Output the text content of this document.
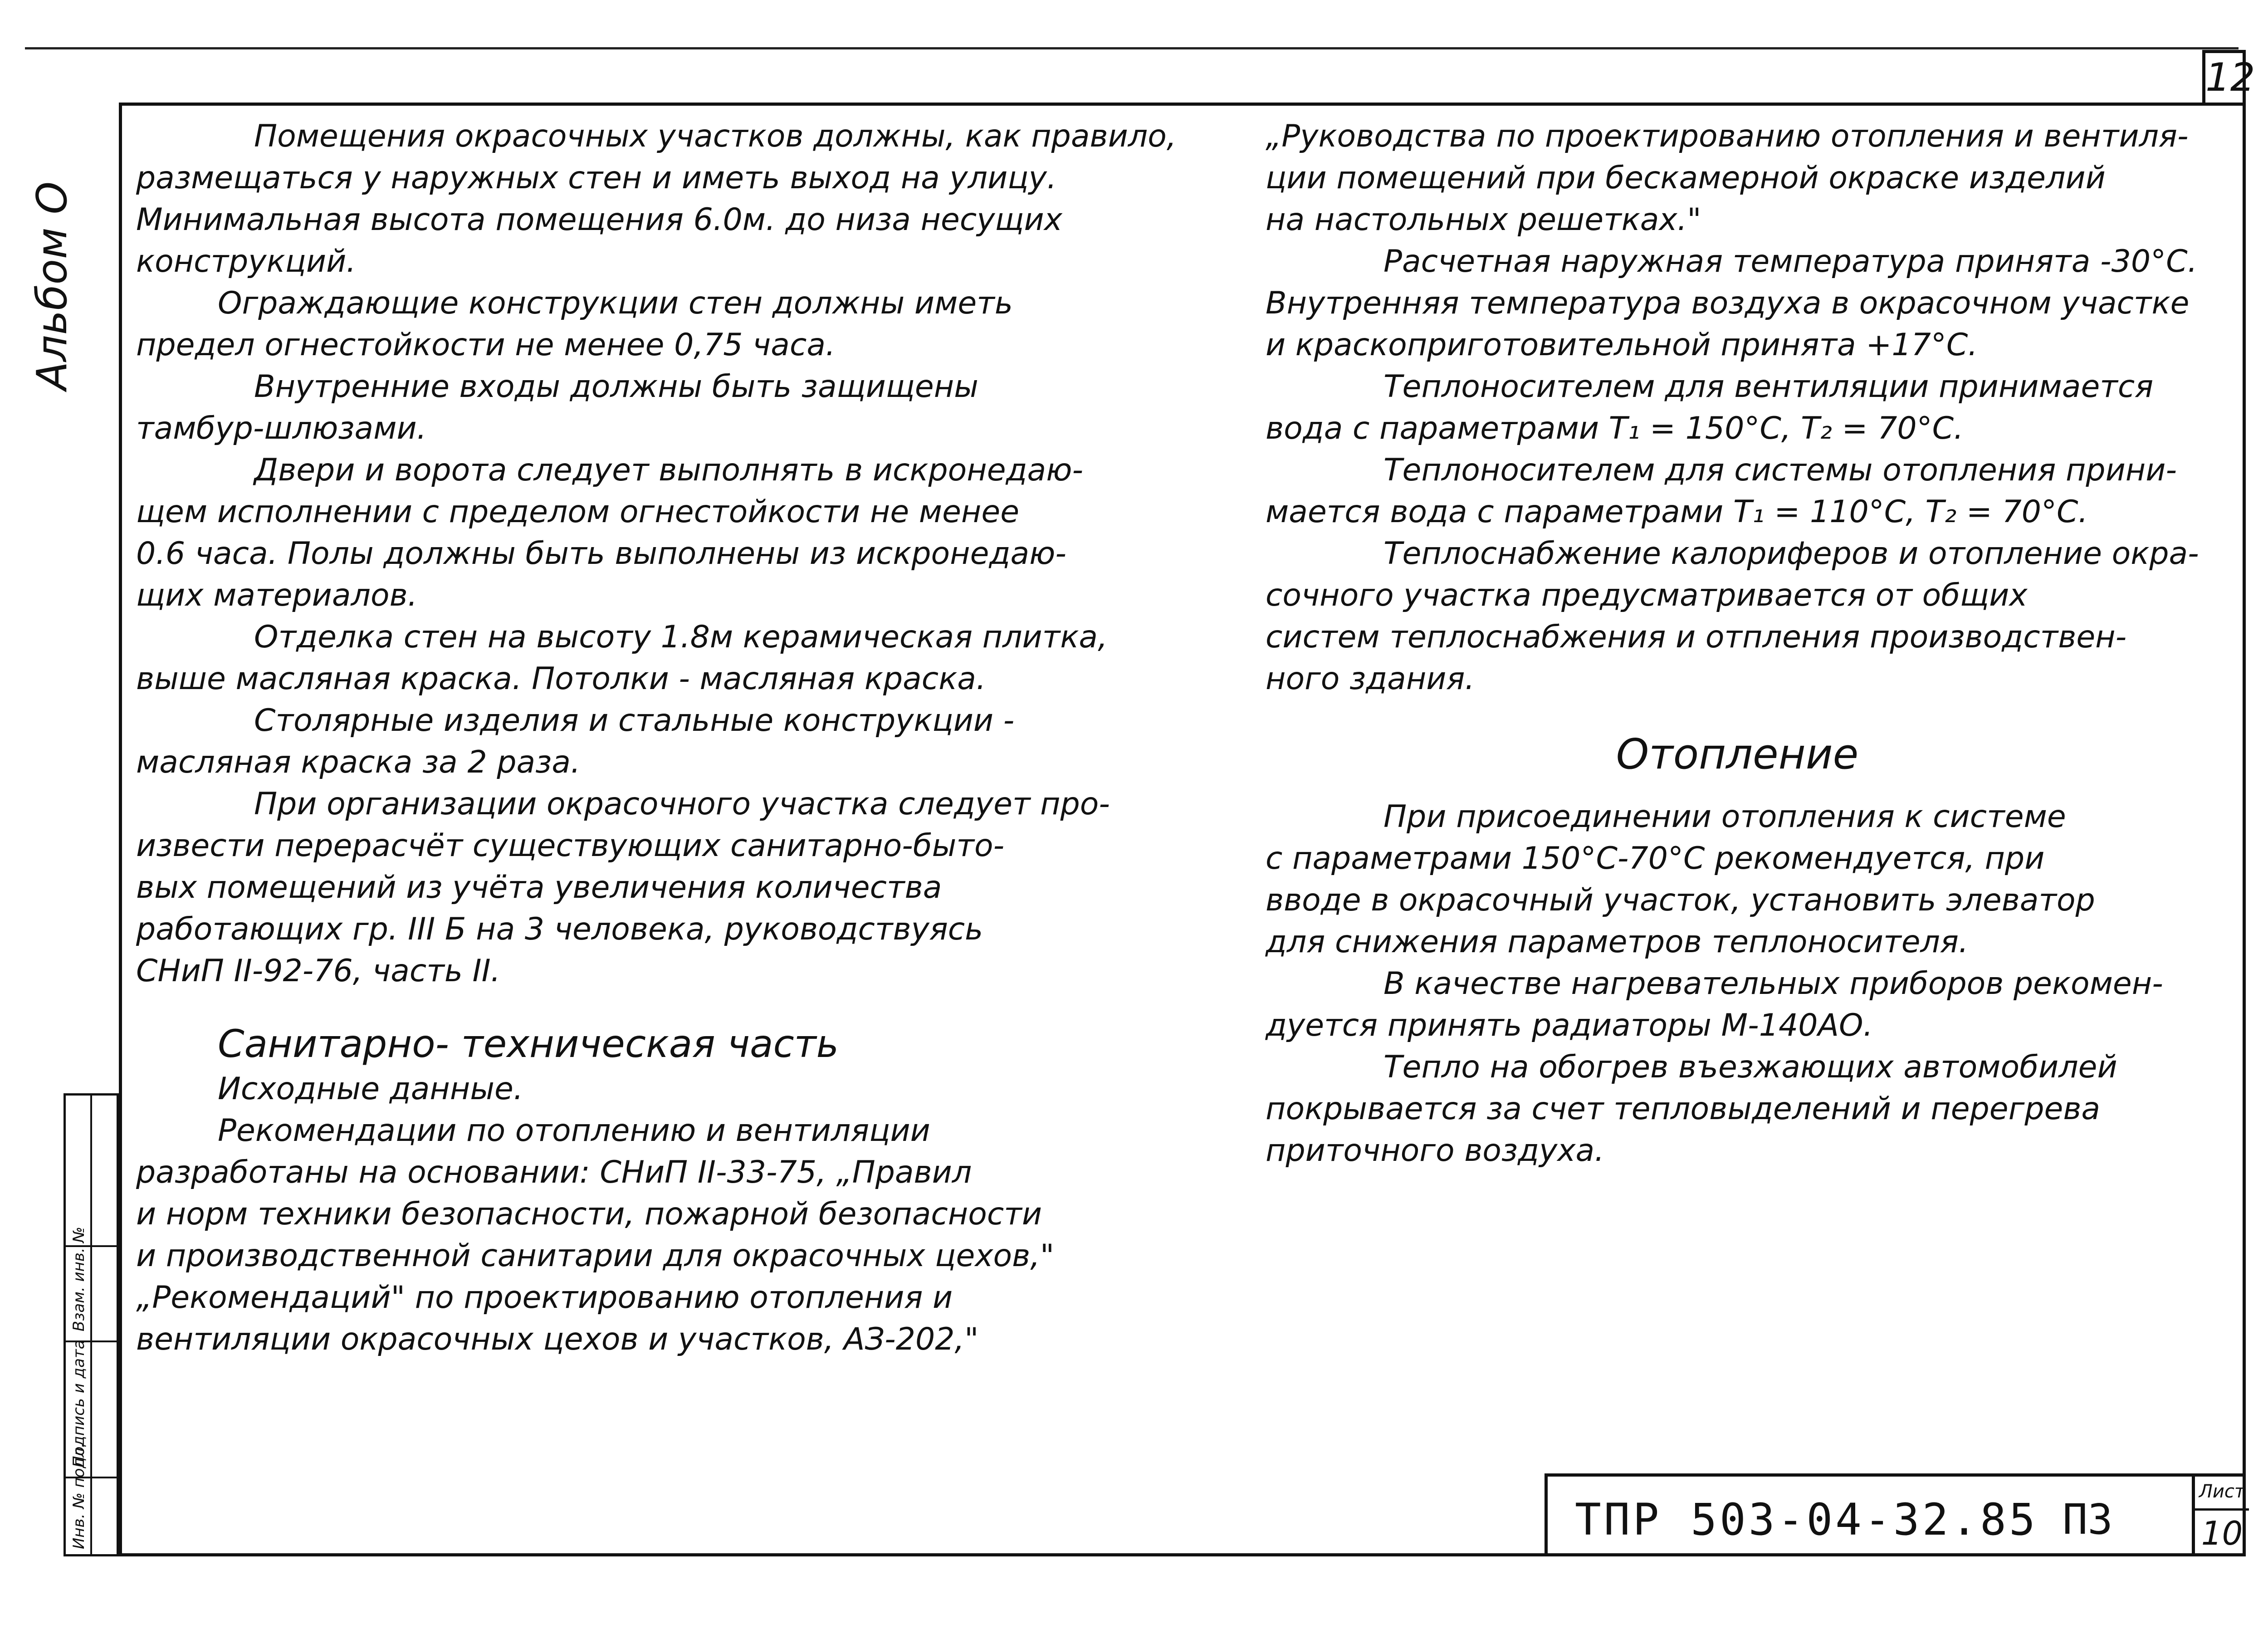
12
Альбом О
Инв. № подл.
Подпись и дата
Взам. инв. №
Помещения окрасочных участков должны, как правило,
размещаться у наружных стен и иметь выход на улицу.
Минимальная высота помещения 6.0м. до низа несущих
конструкций.
Ограждающие конструкции стен должны иметь
предел огнестойкости не менее 0,75 часа.
Внутренние входы должны быть защищены
тамбур-шлюзами.
Двери и ворота следует выполнять в искронедаю-
щем исполнении с пределом огнестойкости не менее
0.6 часа. Полы должны быть выполнены из искронедаю-
щих материалов.
Отделка стен на высоту 1.8м керамическая плитка,
выше масляная краска. Потолки - масляная краска.
Столярные изделия и стальные конструкции -
масляная краска за 2 раза.
При организации окрасочного участка следует про-
извести перерасчёт существующих санитарно-быто-
вых помещений из учёта увеличения количества
работающих гр. III Б на 3 человека, руководствуясь
СНиП II-92-76, часть II.
Санитарно- техническая часть
Исходные данные.
Рекомендации по отоплению и вентиляции
разработаны на основании: СНиП II-33-75, „Правил
и норм техники безопасности, пожарной безопасности
и производственной санитарии для окрасочных цехов,"
„Рекомендаций" по проектированию отопления и
вентиляции окрасочных цехов и участков, АЗ-202,"
„Руководства по проектированию отопления и вентиля-
ции помещений при бескамерной окраске изделий
на настольных решетках."
Расчетная наружная температура принята -30°С.
Внутренняя температура воздуха в окрасочном участке
и краскоприготовительной принята +17°С.
Теплоносителем для вентиляции принимается
вода с параметрами Т₁ = 150°С, Т₂ = 70°С.
Теплоносителем для системы отопления прини-
мается вода с параметрами Т₁ = 110°С, Т₂ = 70°С.
Теплоснабжение калориферов и отопление окра-
сочного участка предусматривается от общих
систем теплоснабжения и отпления производствен-
ного здания.
Отопление
При присоединении отопления к системе
с параметрами 150°С-70°С рекомендуется, при
вводе в окрасочный участок, установить элеватор
для снижения параметров теплоносителя.
В качестве нагревательных приборов рекомен-
дуется принять радиаторы М-140АО.
Тепло на обогрев въезжающих автомобилей
покрывается за счет тепловыделений и перегрева
приточного воздуха.
ТПР 503-04-32.85 ПЗ
Лист
10
